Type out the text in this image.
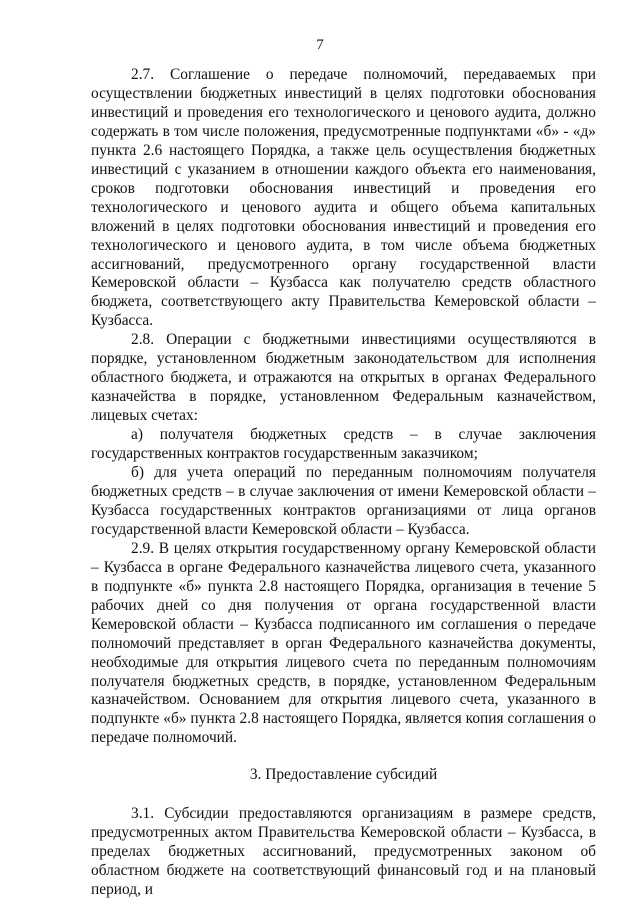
7

2.7. Соглашение о передаче полномочий, передаваемых при осуществлении бюджетных инвестиций в целях подготовки обоснования инвестиций и проведения его технологического и ценового аудита, должно содержать в том числе положения, предусмотренные подпунктами «б» - «д» пункта 2.6 настоящего Порядка, а также цель осуществления бюджетных инвестиций с указанием в отношении каждого объекта его наименования, сроков подготовки обоснования инвестиций и проведения его технологического и ценового аудита и общего объема капитальных вложений в целях подготовки обоснования инвестиций и проведения его технологического и ценового аудита, в том числе объема бюджетных ассигнований, предусмотренного органу государственной власти Кемеровской области – Кузбасса как получателю средств областного бюджета, соответствующего акту Правительства Кемеровской области – Кузбасса.

2.8. Операции с бюджетными инвестициями осуществляются в порядке, установленном бюджетным законодательством для исполнения областного бюджета, и отражаются на открытых в органах Федерального казначейства в порядке, установленном Федеральным казначейством, лицевых счетах:

а) получателя бюджетных средств – в случае заключения государственных контрактов государственным заказчиком;

б) для учета операций по переданным полномочиям получателя бюджетных средств – в случае заключения от имени Кемеровской области – Кузбасса государственных контрактов организациями от лица органов государственной власти Кемеровской области – Кузбасса.

2.9. В целях открытия государственному органу Кемеровской области – Кузбасса в органе Федерального казначейства лицевого счета, указанного в подпункте «б» пункта 2.8 настоящего Порядка, организация в течение 5 рабочих дней со дня получения от органа государственной власти Кемеровской области – Кузбасса подписанного им соглашения о передаче полномочий представляет в орган Федерального казначейства документы, необходимые для открытия лицевого счета по переданным полномочиям получателя бюджетных средств, в порядке, установленном Федеральным казначейством. Основанием для открытия лицевого счета, указанного в подпункте «б» пункта 2.8 настоящего Порядка, является копия соглашения о передаче полномочий.

3. Предоставление субсидий

3.1. Субсидии предоставляются организациям в размере средств, предусмотренных актом Правительства Кемеровской области – Кузбасса, в пределах бюджетных ассигнований, предусмотренных законом об областном бюджете на соответствующий финансовый год и на плановый период, и
